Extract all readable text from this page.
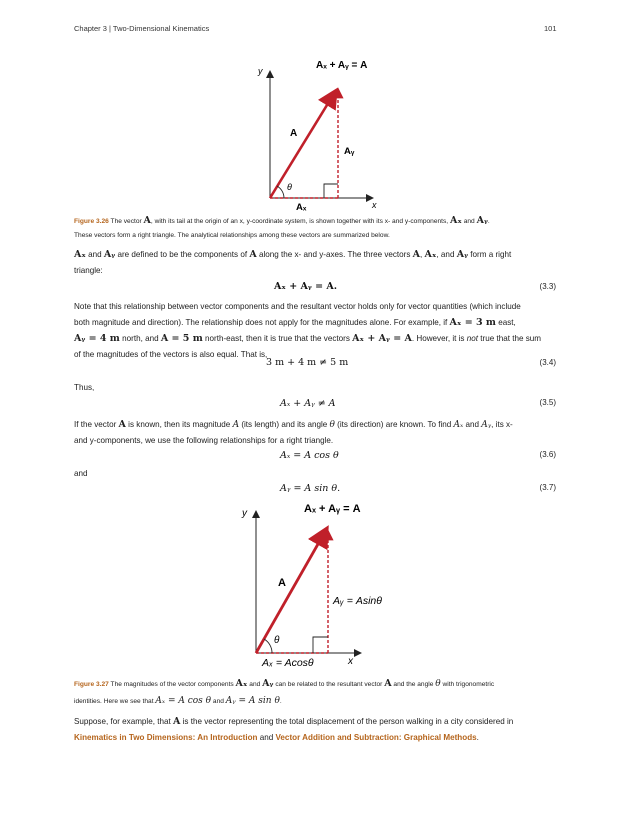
Chapter 3 | Two-Dimensional Kinematics	101
y
x
Aₓ + Aᵧ = A
A
Aᵧ
Aₓ
θ
Figure 3.26 The vector A, with its tail at the origin of an x, y-coordinate system, is shown together with its x- and y-components, Aₓ and Aᵧ.
These vectors form a right triangle. The analytical relationships among these vectors are summarized below.
Aₓ and Aᵧ are defined to be the components of A along the x- and y-axes. The three vectors A, Aₓ, and Aᵧ form a right
triangle:
Aₓ + Aᵧ = A.	(3.3)
Note that this relationship between vector components and the resultant vector holds only for vector quantities (which include
both magnitude and direction). The relationship does not apply for the magnitudes alone. For example, if Aₓ = 3 m east,
Aᵧ = 4 m north, and A = 5 m north-east, then it is true that the vectors Aₓ + Aᵧ = A. However, it is not true that the sum
of the magnitudes of the vectors is also equal. That is,
3 m + 4 m ≠ 5 m	(3.4)
Thus,
Aₓ + Aᵧ ≠ A	(3.5)
If the vector A is known, then its magnitude A (its length) and its angle θ (its direction) are known. To find Aₓ and Aᵧ, its x-
and y-components, we use the following relationships for a right triangle.
Aₓ = A cos θ	(3.6)
and
Aᵧ = A sin θ.	(3.7)
y
x
Aₓ + Aᵧ = A
A
Aᵧ = Asinθ
Aₓ = Acosθ
θ
Figure 3.27 The magnitudes of the vector components Aₓ and Aᵧ can be related to the resultant vector A and the angle θ with trigonometric
identities. Here we see that Aₓ = A cos θ and Aᵧ = A sin θ.
Suppose, for example, that A is the vector representing the total displacement of the person walking in a city considered in
Kinematics in Two Dimensions: An Introduction and Vector Addition and Subtraction: Graphical Methods.
